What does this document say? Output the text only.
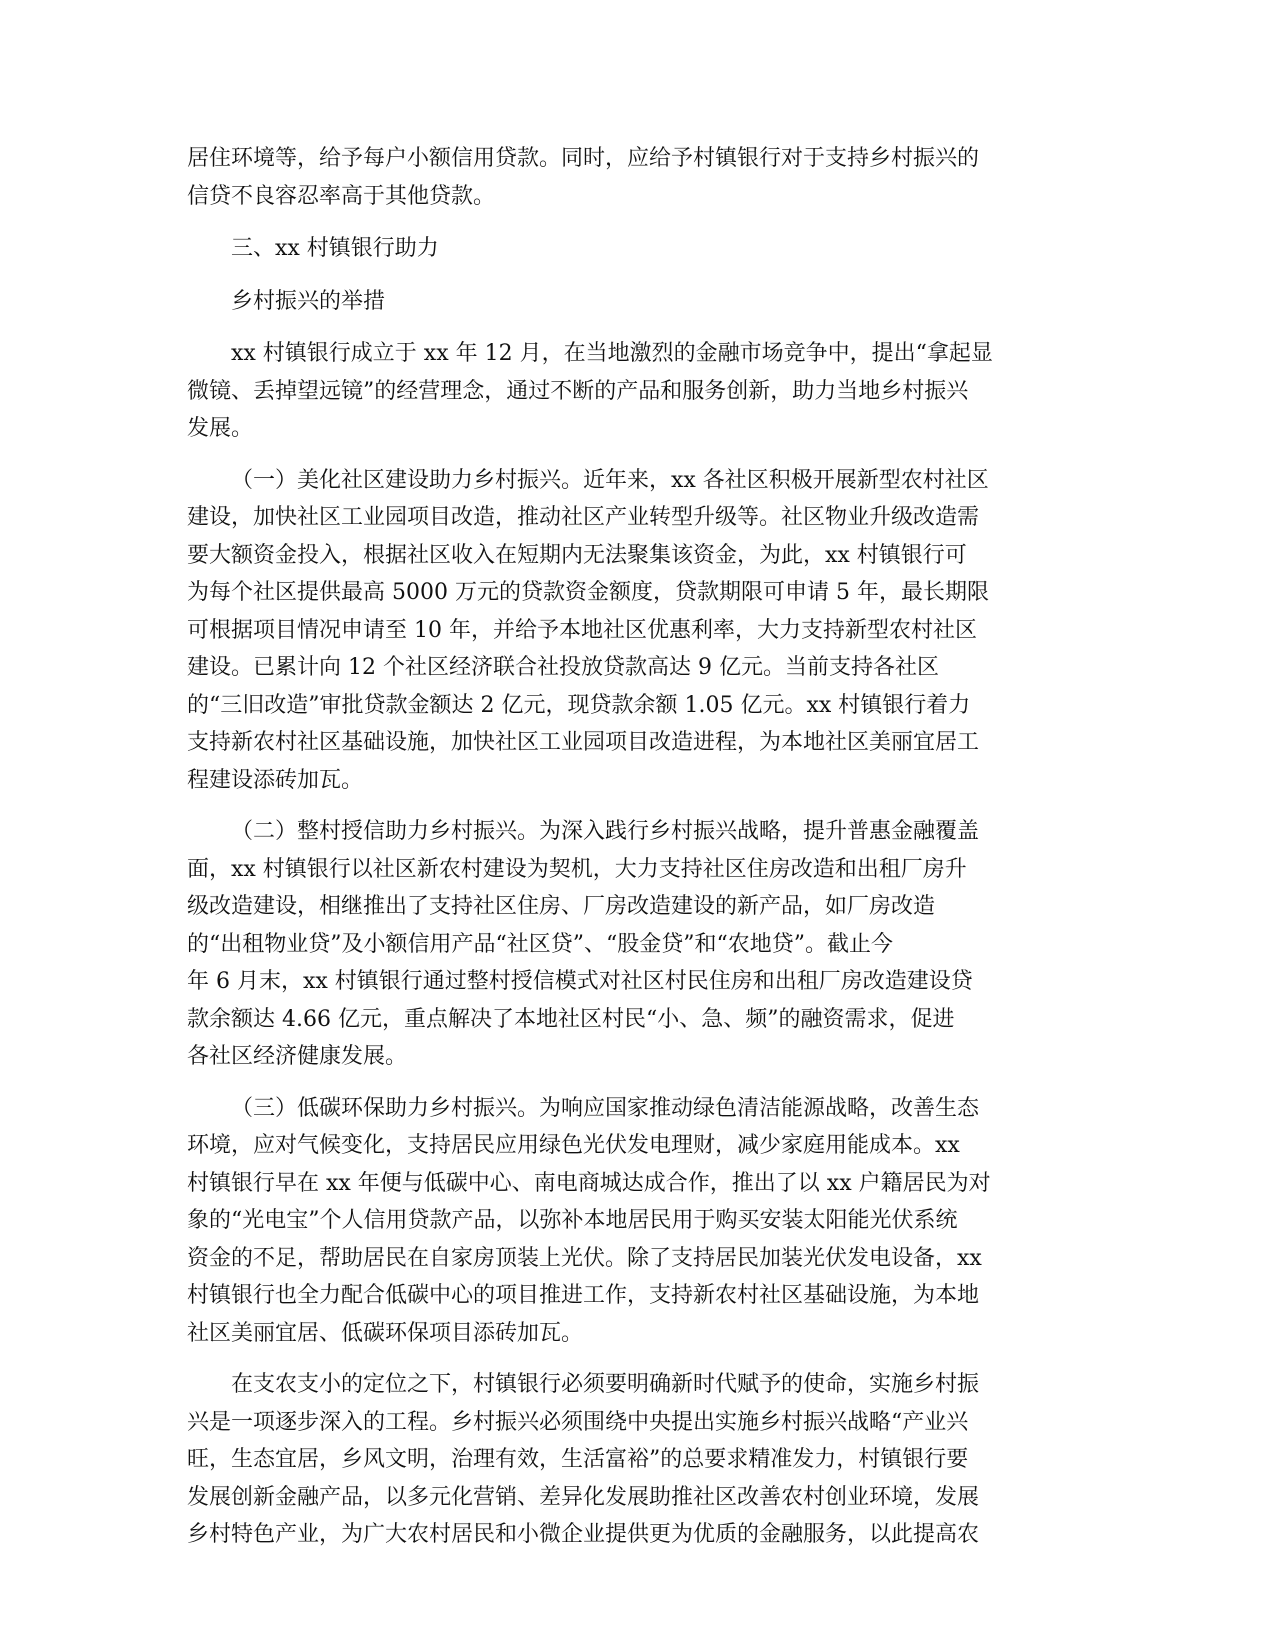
居住环境等，给予每户小额信用贷款。同时，应给予村镇银行对于支持乡村振兴的
信贷不良容忍率高于其他贷款。

三、xx 村镇银行助力

乡村振兴的举措

xx 村镇银行成立于 xx 年 12 月，在当地激烈的金融市场竞争中，提出“拿起显
微镜、丢掉望远镜”的经营理念，通过不断的产品和服务创新，助力当地乡村振兴
发展。

（一）美化社区建设助力乡村振兴。近年来，xx 各社区积极开展新型农村社区
建设，加快社区工业园项目改造，推动社区产业转型升级等。社区物业升级改造需
要大额资金投入，根据社区收入在短期内无法聚集该资金，为此，xx 村镇银行可
为每个社区提供最高 5000 万元的贷款资金额度，贷款期限可申请 5 年，最长期限
可根据项目情况申请至 10 年，并给予本地社区优惠利率，大力支持新型农村社区
建设。已累计向 12 个社区经济联合社投放贷款高达 9 亿元。当前支持各社区
的“三旧改造”审批贷款金额达 2 亿元，现贷款余额 1.05 亿元。xx 村镇银行着力
支持新农村社区基础设施，加快社区工业园项目改造进程，为本地社区美丽宜居工
程建设添砖加瓦。

（二）整村授信助力乡村振兴。为深入践行乡村振兴战略，提升普惠金融覆盖
面，xx 村镇银行以社区新农村建设为契机，大力支持社区住房改造和出租厂房升
级改造建设，相继推出了支持社区住房、厂房改造建设的新产品，如厂房改造
的“出租物业贷”及小额信用产品“社区贷”、“股金贷”和“农地贷”。截止今
年 6 月末，xx 村镇银行通过整村授信模式对社区村民住房和出租厂房改造建设贷
款余额达 4.66 亿元，重点解决了本地社区村民“小、急、频”的融资需求，促进
各社区经济健康发展。

（三）低碳环保助力乡村振兴。为响应国家推动绿色清洁能源战略，改善生态
环境，应对气候变化，支持居民应用绿色光伏发电理财，减少家庭用能成本。xx
村镇银行早在 xx 年便与低碳中心、南电商城达成合作，推出了以 xx 户籍居民为对
象的“光电宝”个人信用贷款产品，以弥补本地居民用于购买安装太阳能光伏系统
资金的不足，帮助居民在自家房顶装上光伏。除了支持居民加装光伏发电设备，xx
村镇银行也全力配合低碳中心的项目推进工作，支持新农村社区基础设施，为本地
社区美丽宜居、低碳环保项目添砖加瓦。

在支农支小的定位之下，村镇银行必须要明确新时代赋予的使命，实施乡村振
兴是一项逐步深入的工程。乡村振兴必须围绕中央提出实施乡村振兴战略“产业兴
旺，生态宜居，乡风文明，治理有效，生活富裕”的总要求精准发力，村镇银行要
发展创新金融产品，以多元化营销、差异化发展助推社区改善农村创业环境，发展
乡村特色产业，为广大农村居民和小微企业提供更为优质的金融服务，以此提高农
